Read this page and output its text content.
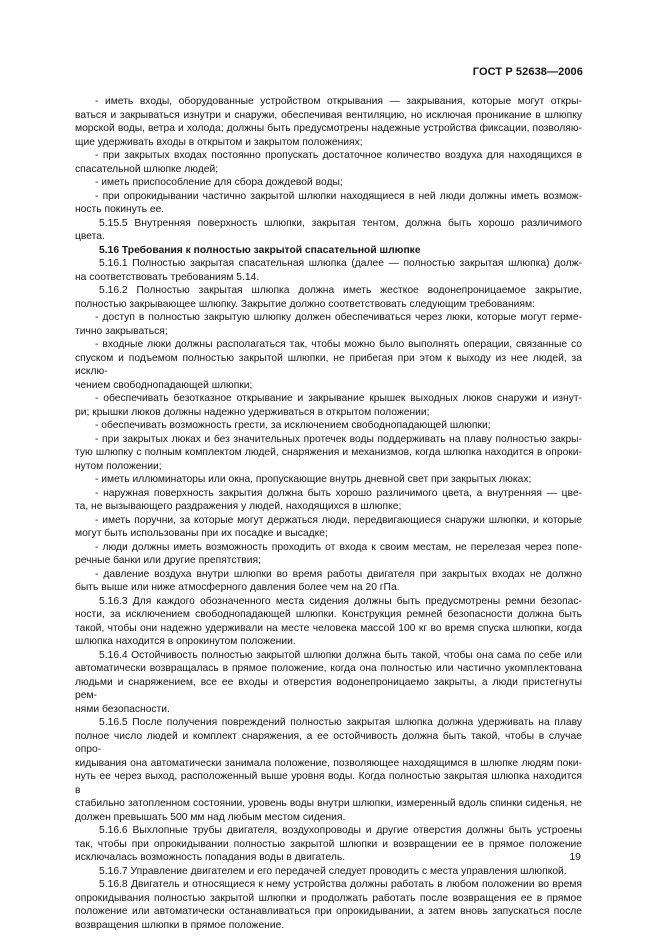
ГОСТ Р 52638—2006

- иметь входы, оборудованные устройством открывания — закрывания, которые могут откры-

ваться и закрываться изнутри и снаружи, обеспечивая вентиляцию, но исключая проникание в шлюпку

морской воды, ветра и холода; должны быть предусмотрены надежные устройства фиксации, позволяю-

щие удерживать входы в открытом и закрытом положениях;

- при закрытых входах постоянно пропускать достаточное количество воздуха для находящихся в

спасательной шлюпке людей;

- иметь приспособление для сбора дождевой воды;

- при опрокидывании частично закрытой шлюпки находящиеся в ней люди должны иметь возмож-

ность покинуть ее.

5.15.5 Внутренняя поверхность шлюпки, закрытая тентом, должна быть хорошо различимого

цвета.

5.16 Требования к полностью закрытой спасательной шлюпке

5.16.1 Полностью закрытая спасательная шлюпка (далее — полностью закрытая шлюпка) долж-

на соответствовать требованиям 5.14.

5.16.2 Полностью закрытая шлюпка должна иметь жесткое водонепроницаемое закрытие,

полностью закрывающее шлюпку. Закрытие должно соответствовать следующим требованиям:

- доступ в полностью закрытую шлюпку должен обеспечиваться через люки, которые могут герме-

тично закрываться;

- входные люки должны располагаться так, чтобы можно было выполнять операции, связанные со

спуском и подъемом полностью закрытой шлюпки, не прибегая при этом к выходу из нее людей, за исклю-

чением свободнопадающей шлюпки;

- обеспечивать безотказное открывание и закрывание крышек выходных люков снаружи и изнут-

ри; крышки люков должны надежно удерживаться в открытом положении;

- обеспечивать возможность грести, за исключением свободнопадающей шлюпки;

- при закрытых люках и без значительных протечек воды поддерживать на плаву полностью закры-

тую шлюпку с полным комплектом людей, снаряжения и механизмов, когда шлюпка находится в опроки-

нутом положении;

- иметь иллюминаторы или окна, пропускающие внутрь дневной свет при закрытых люках;

- наружная поверхность закрытия должна быть хорошо различимого цвета, а внутренняя — цве-

та, не вызывающего раздражения у людей, находящихся в шлюпке;

- иметь поручни, за которые могут держаться люди, передвигающиеся снаружи шлюпки, и которые

могут быть использованы при их посадке и высадке;

- люди должны иметь возможность проходить от входа к своим местам, не перелезая через попе-

речные банки или другие препятствия;

- давление воздуха внутри шлюпки во время работы двигателя при закрытых входах не должно

быть выше или ниже атмосферного давления более чем на 20 гПа.

5.16.3 Для каждого обозначенного места сидения должны быть предусмотрены ремни безопас-

ности, за исключением свободнопадающей шлюпки. Конструкция ремней безопасности должна быть

такой, чтобы они надежно удерживали на месте человека массой 100 кг во время спуска шлюпки, когда

шлюпка находится в опрокинутом положении.

5.16.4 Остойчивость полностью закрытой шлюпки должна быть такой, чтобы она сама по себе или

автоматически возвращалась в прямое положение, когда она полностью или частично укомплектована

людьми и снаряжением, все ее входы и отверстия водонепроницаемо закрыты, а люди пристегнуты рем-

нями безопасности.

5.16.5 После получения повреждений полностью закрытая шлюпка должна удерживать на плаву

полное число людей и комплект снаряжения, а ее остойчивость должна быть такой, чтобы в случае опро-

кидывания она автоматически занимала положение, позволяющее находящимся в шлюпке людям поки-

нуть ее через выход, расположенный выше уровня воды. Когда полностью закрытая шлюпка находится в

стабильно затопленном состоянии, уровень воды внутри шлюпки, измеренный вдоль спинки сиденья, не

должен превышать 500 мм над любым местом сидения.

5.16.6 Выхлопные трубы двигателя, воздухопроводы и другие отверстия должны быть устроены

так, чтобы при опрокидывании полностью закрытой шлюпки и возвращении ее в прямое положение

исключалась возможность попадания воды в двигатель.

5.16.7 Управление двигателем и его передачей следует проводить с места управления шлюпкой.

5.16.8 Двигатель и относящиеся к нему устройства должны работать в любом положении во время

опрокидывания полностью закрытой шлюпки и продолжать работать после возвращения ее в прямое

положение или автоматически останавливаться при опрокидывании, а затем вновь запускаться после

возвращения шлюпки в прямое положение.

19
